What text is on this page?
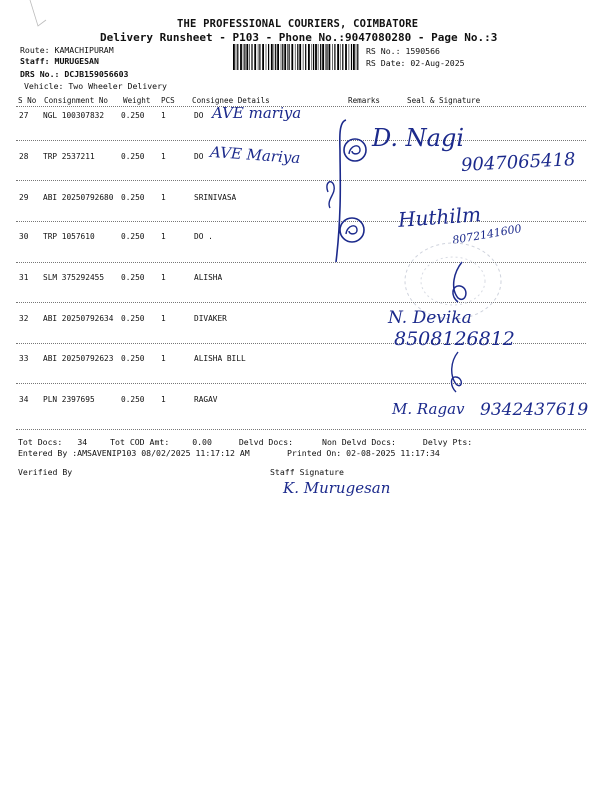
THE PROFESSIONAL COURIERS, COIMBATORE
Delivery Runsheet - P103 - Phone No.:9047080280 - Page No.:3
Route: KAMACHIPURAM
Staff: MURUGESAN
DRS No.: DCJB159056603
Vehicle: Two Wheeler Delivery
RS No.: 1590566
RS Date: 02-Aug-2025
S No Consignment No Weight PCS Consignee Details	Remarks	Seal & Signature
27 NGL 100307832 0.250 1	DO
28 TRP 2537211	0.250 1	DO
29 ABI 20250792680 0.250 1	SRINIVASA
30 TRP 1057610	0.250 1	DO .
31 SLM 375292455 0.250 1	ALISHA
32 ABI 20250792634 0.250 1	DIVAKER
33 ABI 20250792623 0.250 1	ALISHA BILL
34 PLN 2397695	0.250 1	RAGAV
AVE mariya
AVE Mariya
D. Nagi
9047065418
Huthilm
8072141600
N. Devika
8508126812
M. Ragav 9342437619
Tot Docs: 34	Tot COD Amt:	0.00	Delvd Docs:	Non Delvd Docs:	Delvy Pts:
Entered By :AMSAVENIP103 08/02/2025 11:17:12 AM	Printed On: 02-08-2025 11:17:34
Verified By	Staff Signature
K. Murugesan
